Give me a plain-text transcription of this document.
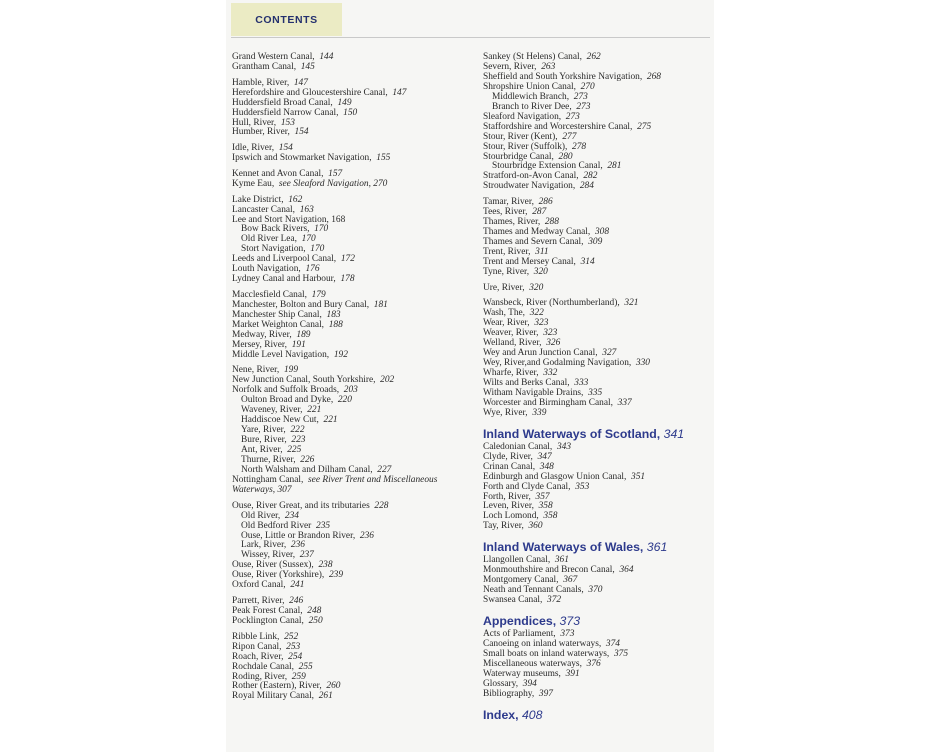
CONTENTS
Grand Western Canal,  144
Grantham Canal,  145
Hamble, River,  147
Herefordshire and Gloucestershire Canal,  147
Huddersfield Broad Canal,  149
Huddersfield Narrow Canal,  150
Hull, River,  153
Humber, River,  154
Idle, River,  154
Ipswich and Stowmarket Navigation,  155
Kennet and Avon Canal,  157
Kyme Eau,  see Sleaford Navigation, 270
Lake District,  162
Lancaster Canal,  163
Lee and Stort Navigation, 168
Bow Back Rivers,  170
Old River Lea,  170
Stort Navigation,  170
Leeds and Liverpool Canal,  172
Louth Navigation,  176
Lydney Canal and Harbour,  178
Macclesfield Canal,  179
Manchester, Bolton and Bury Canal,  181
Manchester Ship Canal,  183
Market Weighton Canal,  188
Medway, River,  189
Mersey, River,  191
Middle Level Navigation,  192
Nene, River,  199
New Junction Canal, South Yorkshire,  202
Norfolk and Suffolk Broads,  203
Oulton Broad and Dyke,  220
Waveney, River,  221
Haddiscoe New Cut,  221
Yare, River,  222
Bure, River,  223
Ant, River,  225
Thurne, River,  226
North Walsham and Dilham Canal,  227
Nottingham Canal,  see River Trent and Miscellaneous Waterways, 307
Ouse, River Great, and its tributaries  228
Old River,  234
Old Bedford River  235
Ouse, Little or Brandon River,  236
Lark, River,  236
Wissey, River,  237
Ouse, River (Sussex),  238
Ouse, River (Yorkshire),  239
Oxford Canal,  241
Parrett, River,  246
Peak Forest Canal,  248
Pocklington Canal,  250
Ribble Link,  252
Ripon Canal,  253
Roach, River,  254
Rochdale Canal,  255
Roding, River,  259
Rother (Eastern), River,  260
Royal Military Canal,  261
Sankey (St Helens) Canal,  262
Severn, River,  263
Sheffield and South Yorkshire Navigation,  268
Shropshire Union Canal,  270
Middlewich Branch,  273
Branch to River Dee,  273
Sleaford Navigation,  273
Staffordshire and Worcestershire Canal,  275
Stour, River (Kent),  277
Stour, River (Suffolk),  278
Stourbridge Canal,  280
Stourbridge Extension Canal,  281
Stratford-on-Avon Canal,  282
Stroudwater Navigation,  284
Tamar, River,  286
Tees, River,  287
Thames, River,  288
Thames and Medway Canal,  308
Thames and Severn Canal,  309
Trent, River,  311
Trent and Mersey Canal,  314
Tyne, River,  320
Ure, River,  320
Wansbeck, River (Northumberland),  321
Wash, The,  322
Wear, River,  323
Weaver, River,  323
Welland, River,  326
Wey and Arun Junction Canal,  327
Wey, River,and Godalming Navigation,  330
Wharfe, River,  332
Wilts and Berks Canal,  333
Witham Navigable Drains,  335
Worcester and Birmingham Canal,  337
Wye, River,  339
Inland Waterways of Scotland, 341
Caledonian Canal,  343
Clyde, River,  347
Crinan Canal,  348
Edinburgh and Glasgow Union Canal,  351
Forth and Clyde Canal,  353
Forth, River,  357
Leven, River,  358
Loch Lomond,  358
Tay, River,  360
Inland Waterways of Wales, 361
Llangollen Canal,  361
Monmouthshire and Brecon Canal,  364
Montgomery Canal,  367
Neath and Tennant Canals,  370
Swansea Canal,  372
Appendices, 373
Acts of Parliament,  373
Canoeing on inland waterways,  374
Small boats on inland waterways,  375
Miscellaneous waterways,  376
Waterway museums,  391
Glossary,  394
Bibliography,  397
Index, 408
